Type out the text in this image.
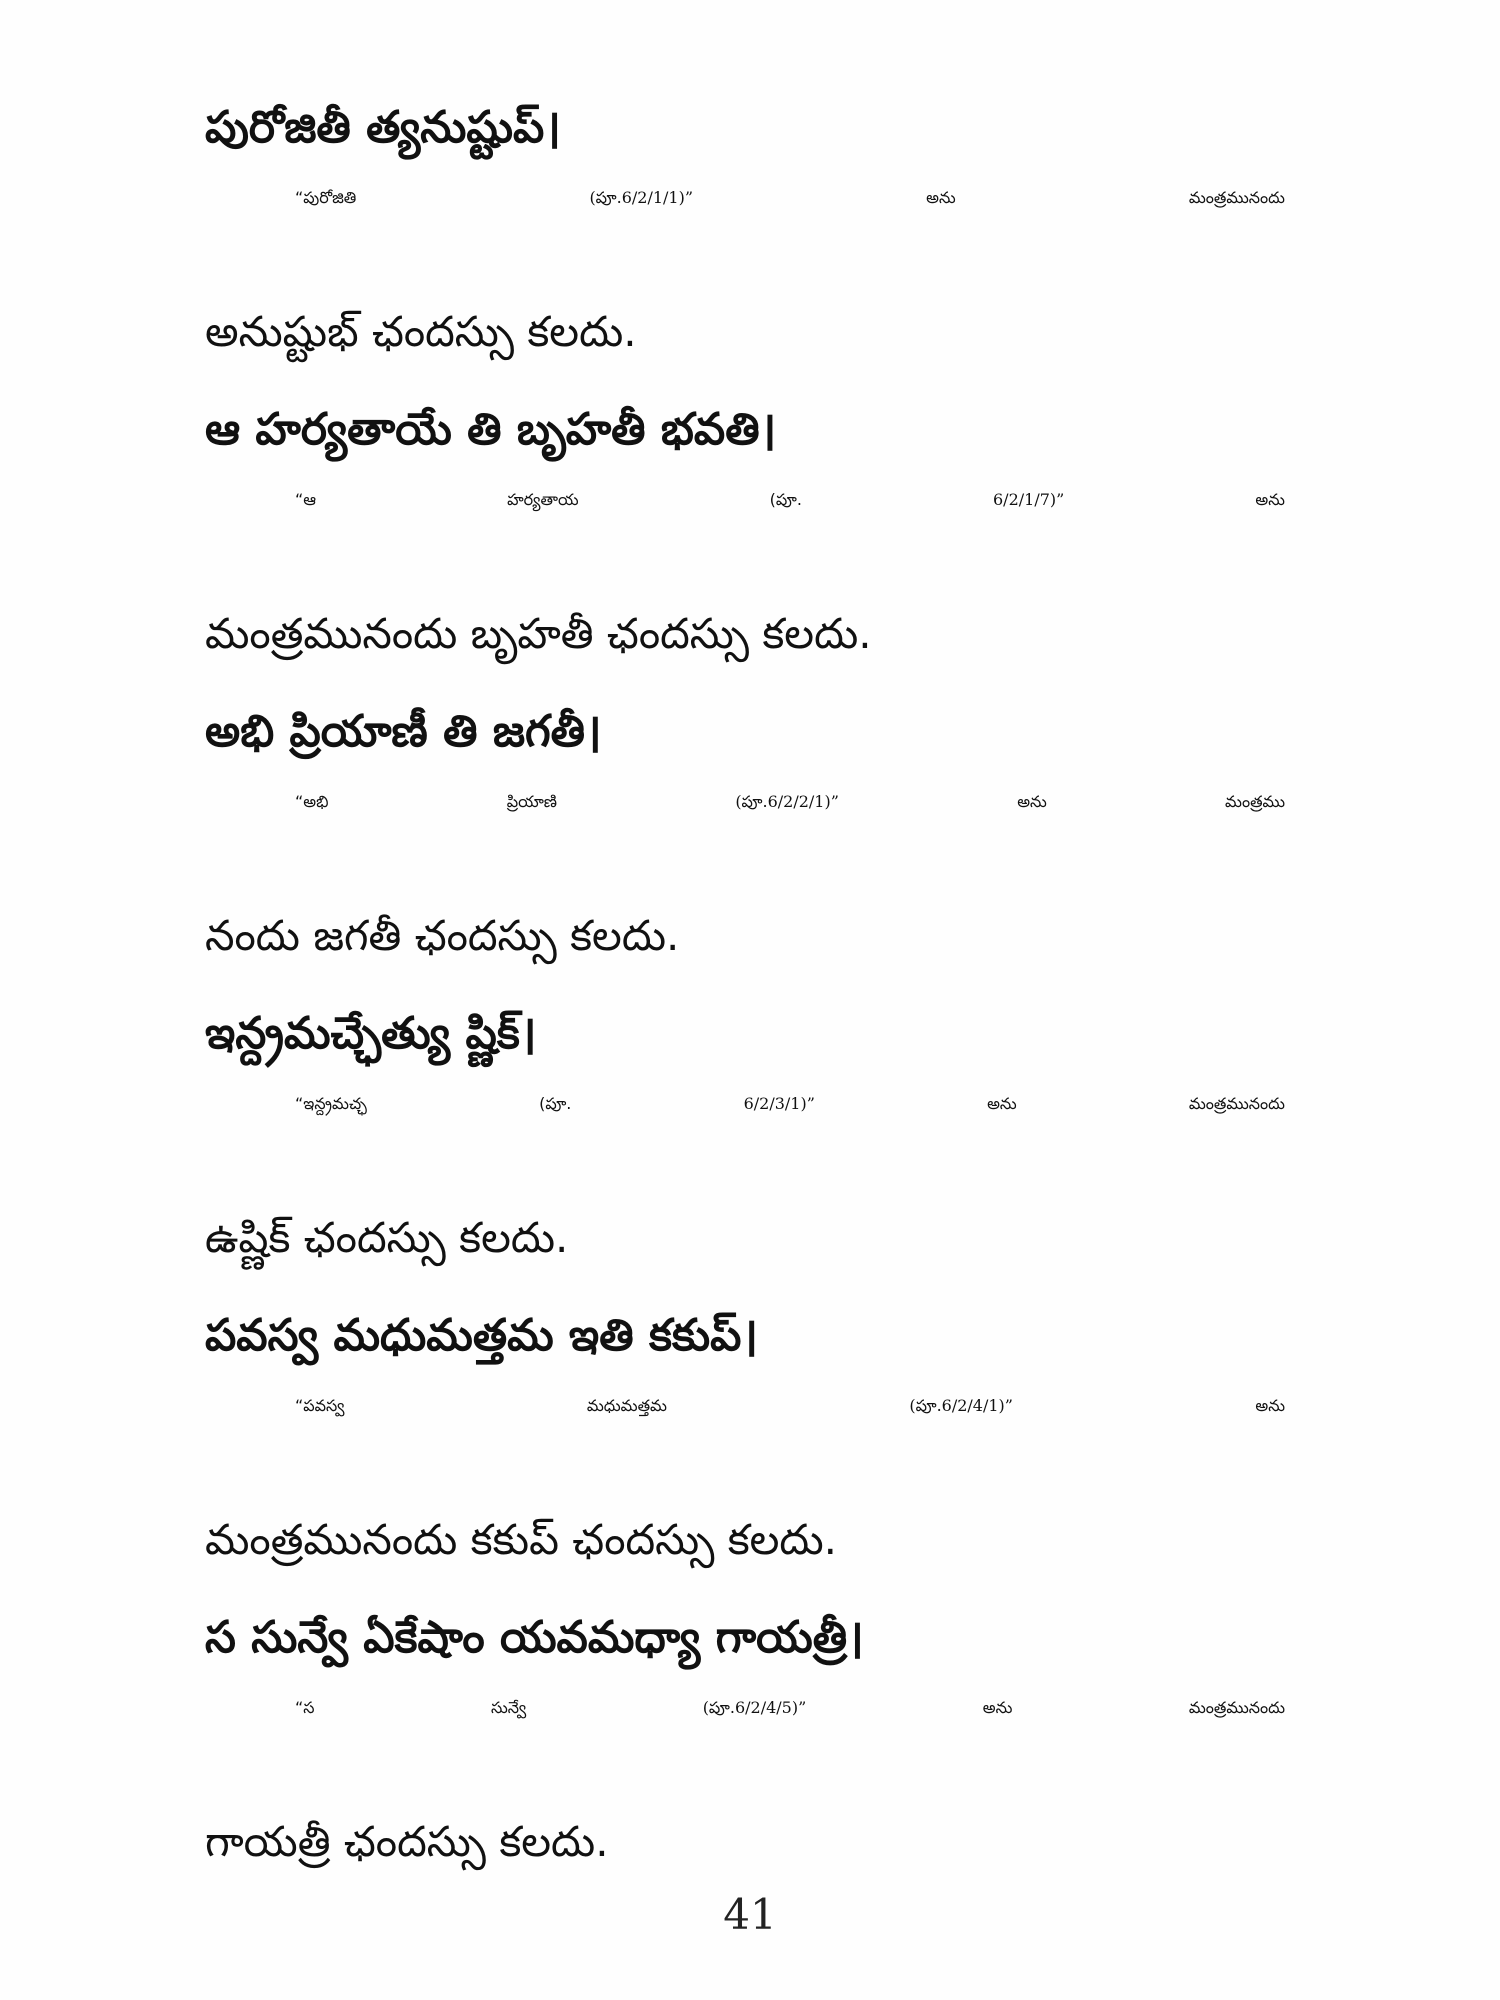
పురోజితీ త్యనుష్టుప్।
“పురోజితి	(పూ.6/2/1/1)”	అను	మంత్రమునందు
అనుష్టుభ్ ఛందస్సు కలదు.
ఆ హర్యతాయే తి బృహతీ భవతి।
“ఆ	హర్యతాయ	(పూ.	6/2/1/7)”	అను
మంత్రమునందు బృహతీ ఛందస్సు కలదు.
అభి ప్రియాణీ తి జగతీ।
“అభి	ప్రియాణి	(పూ.6/2/2/1)”	అను	మంత్రము
నందు జగతీ ఛందస్సు కలదు.
ఇన్ద్రమచ్ఛేత్యు ష్ణిక్।
“ఇన్ద్రమచ్ఛ	(పూ.	6/2/3/1)”	అను	మంత్రమునందు
ఉష్ణిక్ ఛందస్సు కలదు.
పవస్వ మధుమత్తమ ఇతి కకుప్।
“పవస్వ	మధుమత్తమ	(పూ.6/2/4/1)”	అను
మంత్రమునందు కకుప్ ఛందస్సు కలదు.
స సున్వే ఏకేషాం యవమధ్యా గాయత్రీ।
“స	సున్వే	(పూ.6/2/4/5)”	అను	మంత్రమునందు
గాయత్రీ ఛందస్సు కలదు.
41
